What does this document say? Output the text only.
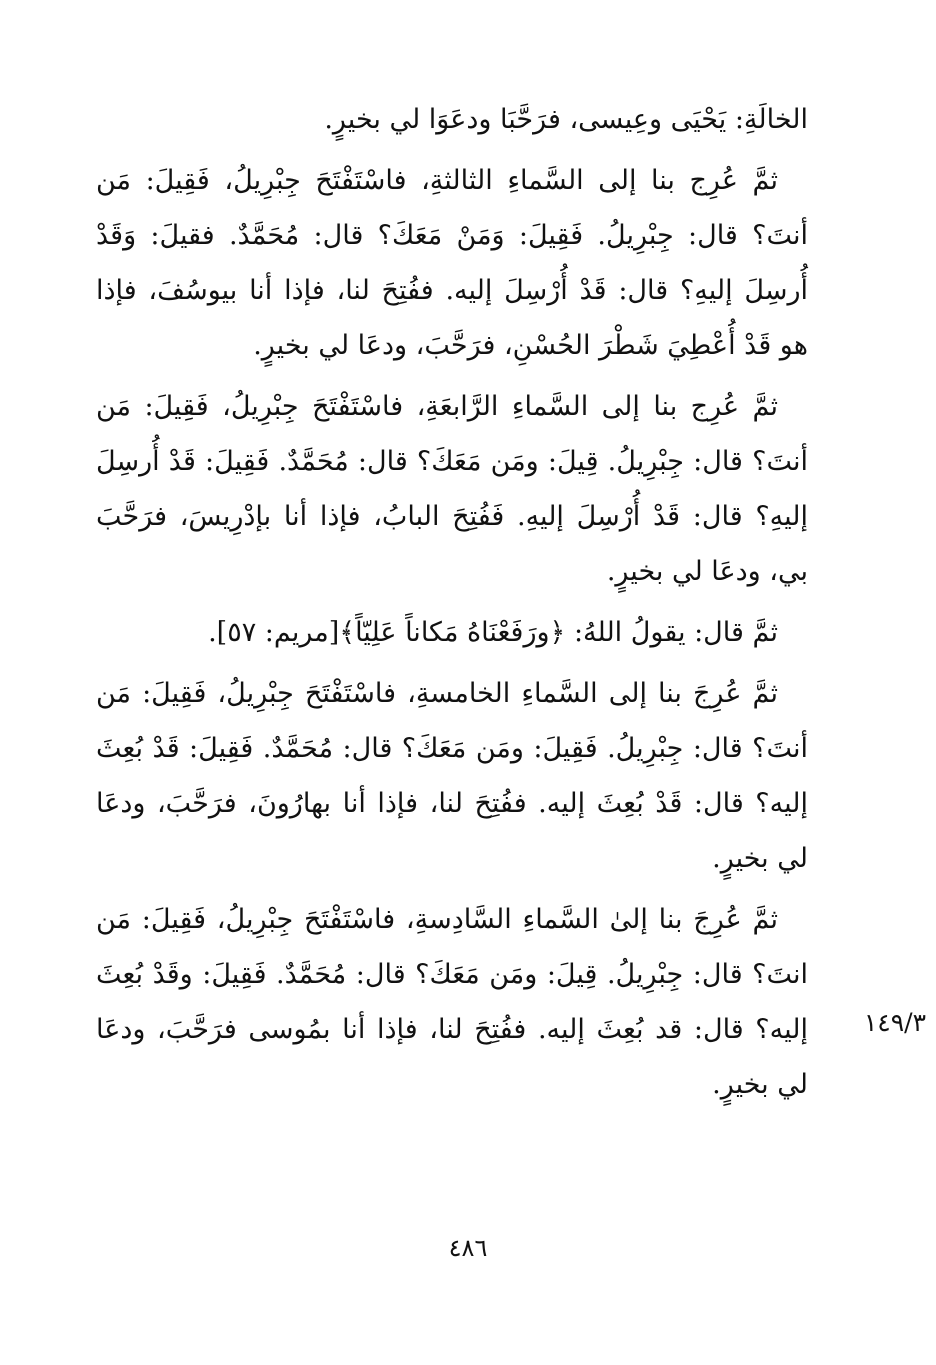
الخالَةِ: يَحْيَى وعِيسى، فرَحَّبَا ودعَوَا لي بخيرٍ.

ثمَّ عُرِج بنا إلى السَّماءِ الثالثةِ، فاسْتَفْتَحَ جِبْرِيلُ، فَقِيلَ: مَن أنتَ؟ قال: جِبْرِيلُ. فَقِيلَ: وَمَنْ مَعَكَ؟ قال: مُحَمَّدٌ. فقيلَ: وَقَدْ أُرسِلَ إليهِ؟ قال: قَدْ أُرْسِلَ إليه. ففُتِحَ لنا، فإذا أنا بيوسُفَ، فإذا هو قَدْ أُعْطِيَ شَطْرَ الحُسْنِ، فرَحَّبَ، ودعَا لي بخيرٍ.

ثمَّ عُرِج بنا إلى السَّماءِ الرَّابعَةِ، فاسْتَفْتَحَ جِبْرِيلُ، فَقِيلَ: مَن أنتَ؟ قال: جِبْرِيلُ. قِيلَ: ومَن مَعَكَ؟ قال: مُحَمَّدٌ. فَقِيلَ: قَدْ أُرسِلَ إليهِ؟ قال: قَدْ أُرْسِلَ إليهِ. فَفُتِحَ البابُ، فإذا أنا بإدْرِيسَ، فرَحَّبَ بي، ودعَا لي بخيرٍ.

ثمَّ قال: يقولُ اللهُ: ﴿ورَفَعْنَاهُ مَكاناً عَلِيّاً﴾[مريم: ٥٧].

ثمَّ عُرِجَ بنا إلى السَّماءِ الخامسةِ، فاسْتَفْتَحَ جِبْرِيلُ، فَقِيلَ: مَن أنتَ؟ قال: جِبْرِيلُ. فَقِيلَ: ومَن مَعَكَ؟ قال: مُحَمَّدٌ. فَقِيلَ: قَدْ بُعِثَ إليه؟ قال: قَدْ بُعِثَ إليه. ففُتِحَ لنا، فإذا أنا بهارُونَ، فرَحَّبَ، ودعَا لي بخيرٍ.

ثمَّ عُرِجَ بنا إلىٰ السَّماءِ السَّادِسةِ، فاسْتَفْتَحَ جِبْرِيلُ، فَقِيلَ: مَن انتَ؟ قال: جِبْرِيلُ. قِيلَ: ومَن مَعَكَ؟ قال: مُحَمَّدٌ. فَقِيلَ: وقَدْ بُعِثَ إليه؟ قال: قد بُعِثَ إليه. ففُتِحَ لنا، فإذا أنا بمُوسى فرَحَّبَ، ودعَا لي بخيرٍ.

١٤٩/٣
٤٨٦
